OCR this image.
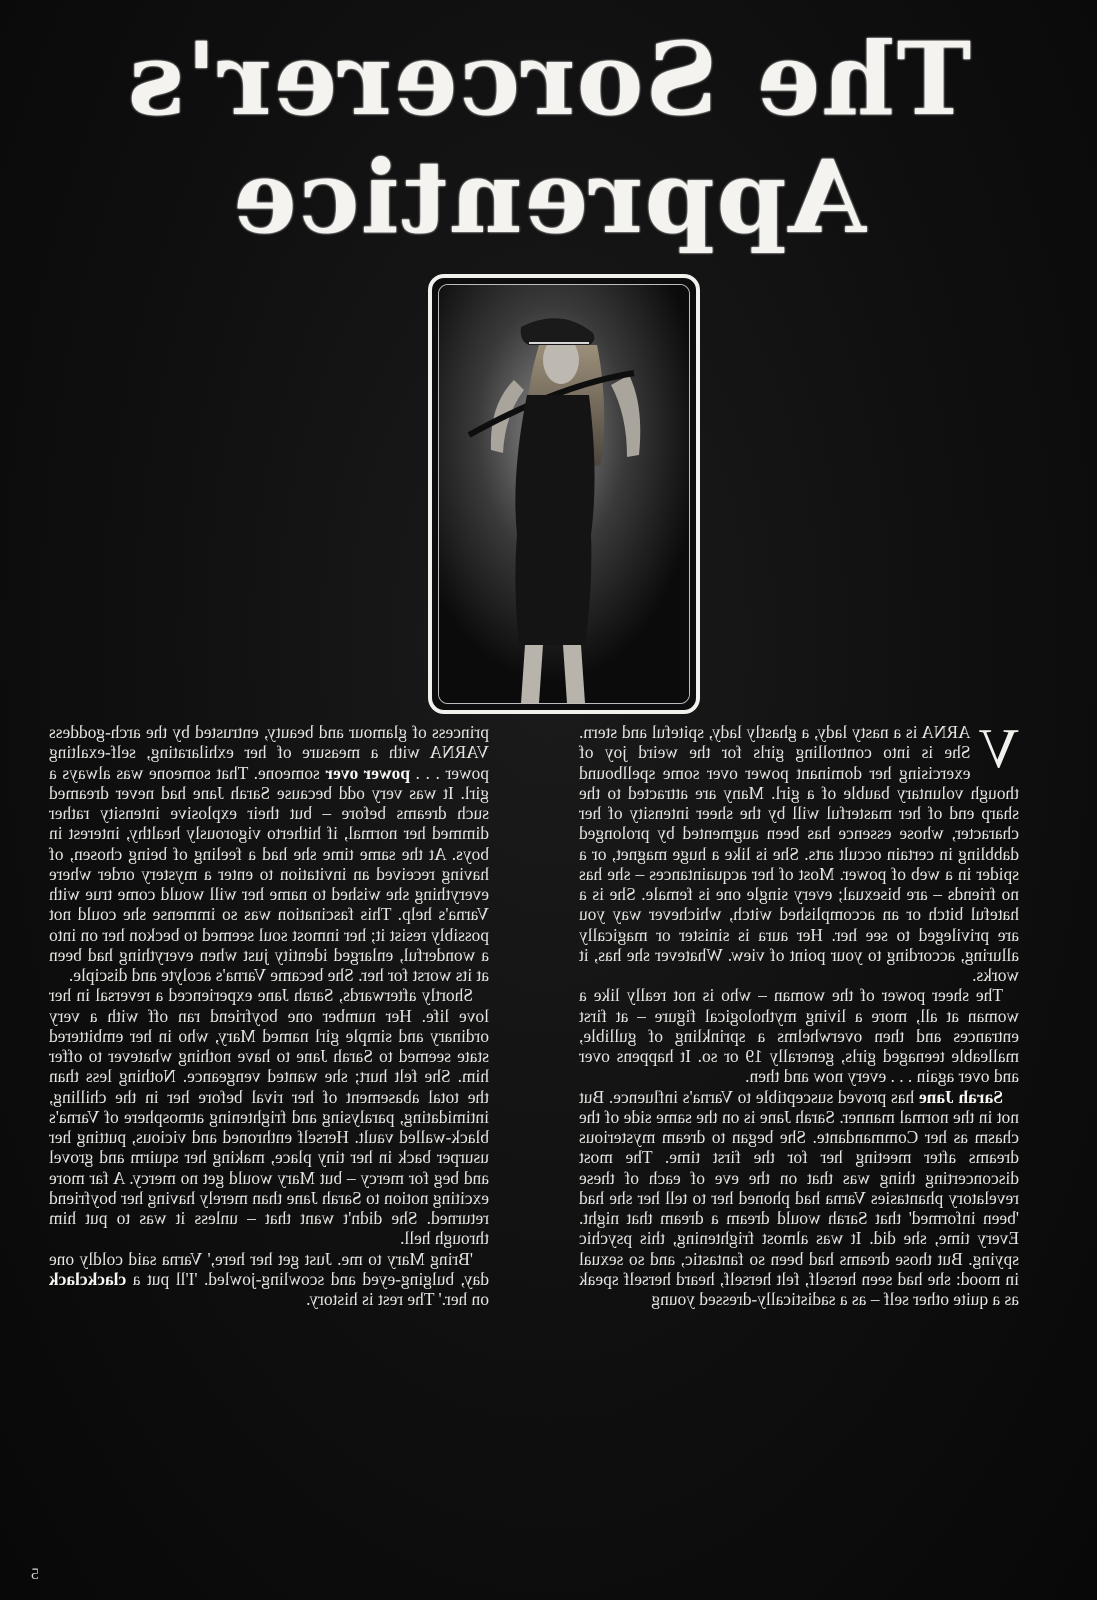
The Sorcerer's
Apprentice

V
ARNA is a nasty lady, a ghastly lady, spiteful and stern. She is into controlling girls for the weird joy of exercising her dominant power over some spellbound though voluntary bauble of a girl. Many are attracted to the sharp end of her masterful will by the sheer intensity of her character, whose essence has been augmented by prolonged dabbling in certain occult arts. She is like a huge magnet, or a spider in a web of power. Most of her acquaintances – she has no friends – are bisexual; every single one is female. She is a hateful bitch or an accomplished witch, whichever way you are privileged to see her. Her aura is sinister or magically alluring, according to your point of view. Whatever she has, it works.

The sheer power of the woman – who is not really like a woman at all, more a living mythological figure – at first entrances and then overwhelms a sprinkling of gullible, malleable teenaged girls, generally 19 or so. It happens over and over again . . . every now and then.

Sarah Jane has proved susceptible to Varna's influence. But not in the normal manner. Sarah Jane is on the same side of the chasm as her Commandante. She began to dream mysterious dreams after meeting her for the first time. The most disconcerting thing was that on the eve of each of these revelatory phantasies Varna had phoned her to tell her she had 'been informed' that Sarah would dream a dream that night. Every time, she did. It was almost frightening, this psychic spying. But those dreams had been so fantastic, and so sexual in mood: she had seen herself, felt herself, heard herself speak as a quite other self – as a sadistically-dressed young

princess of glamour and beauty, entrusted by the arch-goddess VARNA with a measure of her exhilarating, self-exalting power . . . power over someone. That someone was always a girl. It was very odd because Sarah Jane had never dreamed such dreams before – but their explosive intensity rather dimmed her normal, if hitherto vigorously healthy, interest in boys. At the same time she had a feeling of being chosen, of having received an invitation to enter a mystery order where everything she wished to name her will would come true with Varna's help. This fascination was so immense she could not possibly resist it; her inmost soul seemed to beckon her on into a wonderful, enlarged identity just when everything had been at its worst for her. She became Varna's acolyte and disciple.

Shortly afterwards, Sarah Jane experienced a reversal in her love life. Her number one boyfriend ran off with a very ordinary and simple girl named Mary, who in her embittered state seemed to Sarah Jane to have nothing whatever to offer him. She felt hurt; she wanted vengeance. Nothing less than the total abasement of her rival before her in the chilling, intimidating, paralysing and frightening atmosphere of Varna's black-walled vault. Herself enthroned and vicious, putting her usurper back in her tiny place, making her squirm and grovel and beg for mercy – but Mary would get no mercy. A far more exciting notion to Sarah Jane than merely having her boyfriend returned. She didn't want that – unless it was to put him through hell.

'Bring Mary to me. Just get her here,' Varna said coldly one day, bulging-eyed and scowling-jowled. 'I'll put a clackclack on her.' The rest is history.

5
